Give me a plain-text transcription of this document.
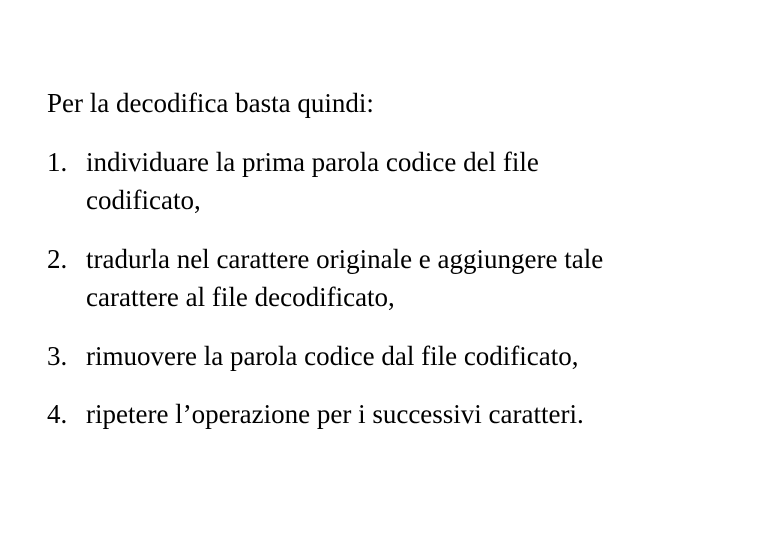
Per la decodifica basta quindi:
1. individuare la prima parola codice del file
codificato,
2. tradurla nel carattere originale e aggiungere tale
carattere al file decodificato,
3. rimuovere la parola codice dal file codificato,
4. ripetere l’operazione per i successivi caratteri.
